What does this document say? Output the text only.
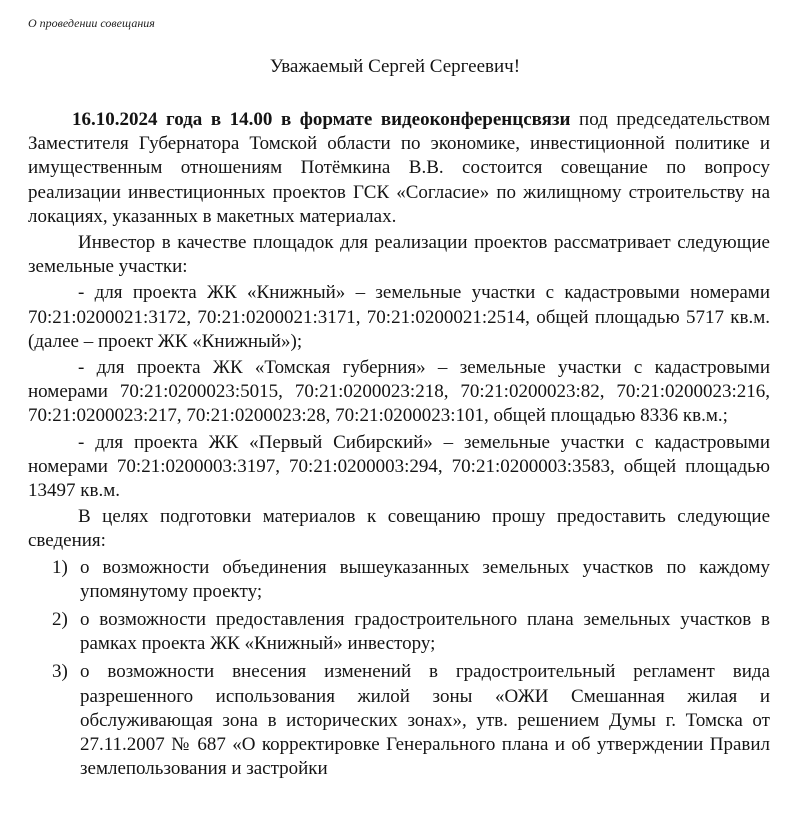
О проведении совещания
Уважаемый Сергей Сергеевич!

16.10.2024 года в 14.00 в формате видеоконференцсвязи под председательством Заместителя Губернатора Томской области по экономике, инвестиционной политике и имущественным отношениям Потёмкина В.В. состоится совещание по вопросу реализации инвестиционных проектов ГСК «Согласие» по жилищному строительству на локациях, указанных в макетных материалах.

Инвестор в качестве площадок для реализации проектов рассматривает следующие земельные участки:

- для проекта ЖК «Книжный» – земельные участки с кадастровыми номерами 70:21:0200021:3172, 70:21:0200021:3171, 70:21:0200021:2514, общей площадью 5717 кв.м. (далее – проект ЖК «Книжный»);

- для проекта ЖК «Томская губерния» – земельные участки с кадастровыми номерами 70:21:0200023:5015, 70:21:0200023:218, 70:21:0200023:82, 70:21:0200023:216, 70:21:0200023:217, 70:21:0200023:28, 70:21:0200023:101, общей площадью 8336 кв.м.;

- для проекта ЖК «Первый Сибирский» – земельные участки с кадастровыми номерами 70:21:0200003:3197, 70:21:0200003:294, 70:21:0200003:3583, общей площадью 13497 кв.м.

В целях подготовки материалов к совещанию прошу предоставить следующие сведения:

1) о возможности объединения вышеуказанных земельных участков по каждому упомянутому проекту;
2) о возможности предоставления градостроительного плана земельных участков в рамках проекта ЖК «Книжный» инвестору;
3) о возможности внесения изменений в градостроительный регламент вида разрешенного использования жилой зоны «ОЖИ Смешанная жилая и обслуживающая зона в исторических зонах», утв. решением Думы г. Томска от 27.11.2007 № 687 «О корректировке Генерального плана и об утверждении Правил землепользования и застройки
